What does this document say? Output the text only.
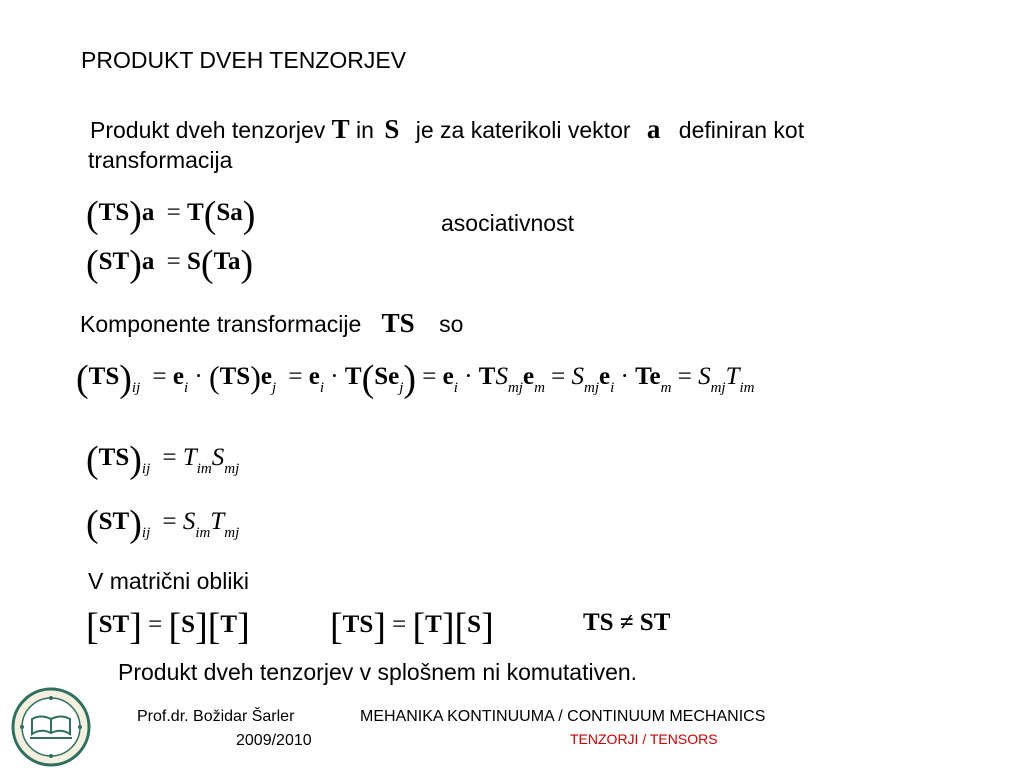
PRODUKT DVEH TENZORJEV
Produkt dveh tenzorjev T in S je za katerikoli vektor a definiran kot
transformacija
(TS)a = T(Sa)
(ST)a = S(Ta)
asociativnost
Komponente transformacije TS so
$(TS)_{ij} = e_i \cdot (TS)e_j = e_i \cdot T(Se_j) = e_i \cdot TS_{mj}e_m = S_{mj}e_i \cdot Te_m = S_{mj}T_{im}$
$(TS)_{ij} = T_{im}S_{mj}$
$(ST)_{ij} = S_{im}T_{mj}$
V matrični obliki
[ST] = [S][T] [TS] = [T][S]	TS ≠ ST
Produkt dveh tenzorjev v splošnem ni komutativen.
Prof.dr. Božidar Šarler
2009/2010
MEHANIKA KONTINUUMA / CONTINUUM MECHANICS
TENZORJI / TENSORS
